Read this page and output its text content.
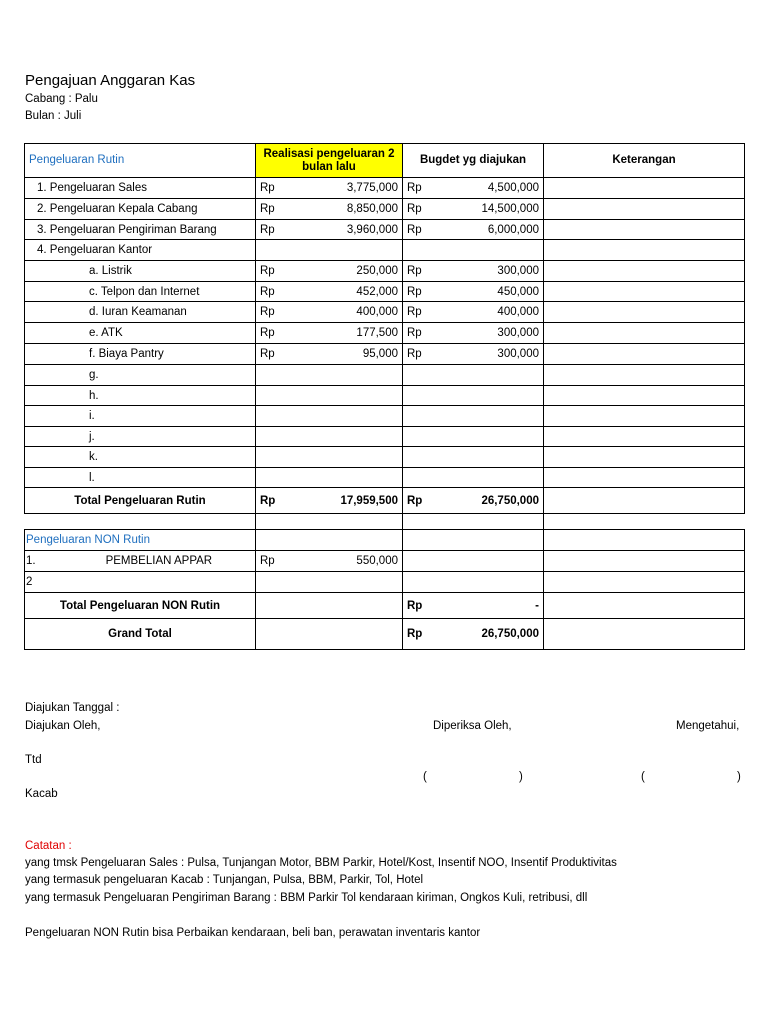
Pengajuan Anggaran Kas
Cabang : Palu
Bulan : Juli
Pengeluaran Rutin	Realisasi pengeluaran 2 bulan lalu	Bugdet yg diajukan	Keterangan
1. Pengeluaran Sales	Rp 3,775,000	Rp 4,500,000	

2. Pengeluaran Kepala Cabang	Rp 8,850,000	Rp 14,500,000	

3. Pengeluaran Pengiriman Barang	Rp 3,960,000	Rp 6,000,000	

4. Pengeluaran Kantor	

a. Listrik	Rp 250,000	Rp 300,000	

c. Telpon dan Internet	Rp 452,000	Rp 450,000	

d. Iuran Keamanan	Rp 400,000	Rp 400,000	

e. ATK	Rp 177,500	Rp 300,000	

f. Biaya Pantry	Rp 95,000	Rp 300,000	

g.	

h.	

i.	

j.	

k.	

l.	

Total Pengeluaran Rutin	Rp 17,959,500	Rp 26,750,000	

Pengeluaran NON Rutin			
1. PEMBELIAN APPAR	Rp 550,000		

2	

Total Pengeluaran NON Rutin		Rp -	

Grand Total		Rp 26,750,000	

Diajukan Tanggal :
Diajukan Oleh,	Diperiksa Oleh,	Mengetahui,
Ttd
(	)	(	)
Kacab
Catatan :
yang tmsk Pengeluaran Sales : Pulsa, Tunjangan Motor, BBM Parkir, Hotel/Kost, Insentif NOO, Insentif Produktivitas
yang termasuk pengeluaran Kacab : Tunjangan, Pulsa, BBM, Parkir, Tol, Hotel
yang termasuk Pengeluaran Pengiriman Barang : BBM Parkir Tol kendaraan kiriman, Ongkos Kuli, retribusi, dll
Pengeluaran NON Rutin bisa Perbaikan kendaraan, beli ban, perawatan inventaris kantor
